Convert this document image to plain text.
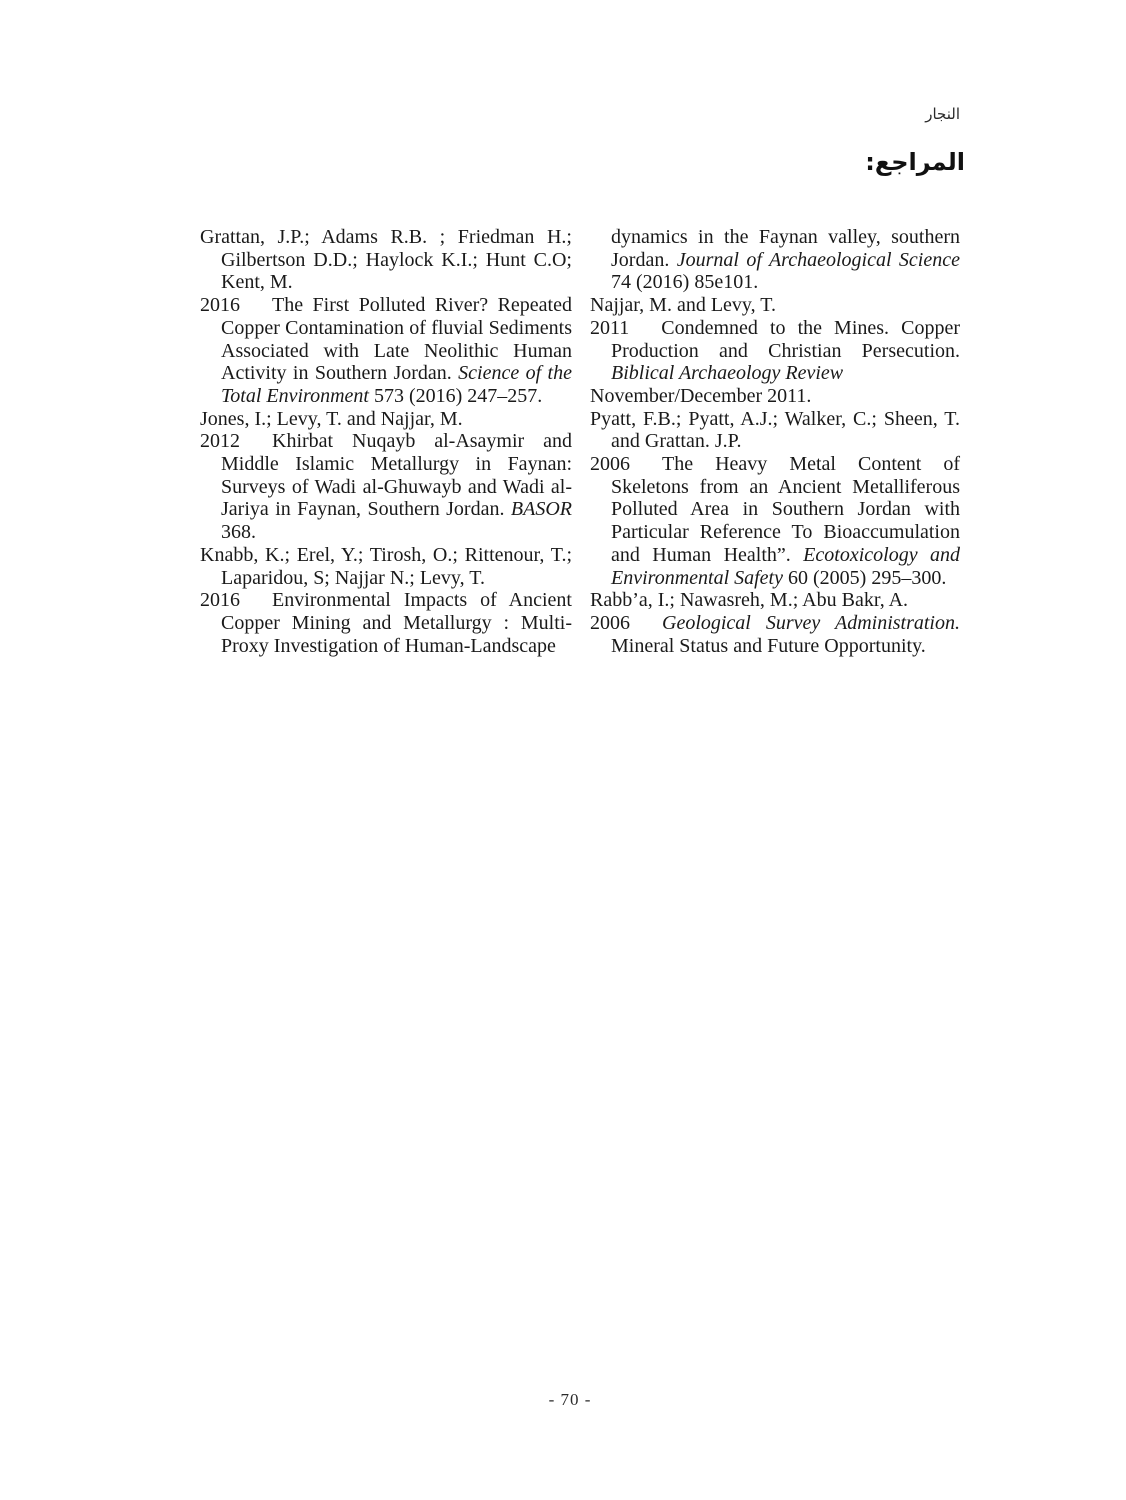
النجار
المراجع:

Grattan, J.P.; Adams R.B. ; Friedman H.; Gilbertson D.D.; Haylock K.I.; Hunt C.O; Kent, M.

2016 The First Polluted River? Repeated Copper Contamination of fluvial Sediments Associated with Late Neolithic Human Activity in Southern Jordan. Science of the Total Environment 573 (2016) 247–257.

Jones, I.; Levy, T. and Najjar, M.

2012 Khirbat Nuqayb al-Asaymir and Middle Islamic Metallurgy in Faynan: Surveys of Wadi al-Ghuwayb and Wadi al-Jariya in Faynan, Southern Jordan. BASOR 368.

Knabb, K.; Erel, Y.; Tirosh, O.; Rittenour, T.; Laparidou, S; Najjar N.; Levy, T.

2016 Environmental Impacts of Ancient Copper Mining and Metallurgy : Multi-Proxy Investigation of Human-Landscape

dynamics in the Faynan valley, southern Jordan. Journal of Archaeological Science 74 (2016) 85e101.

Najjar, M. and Levy, T.

2011 Condemned to the Mines. Copper Production and Christian Persecution. Biblical Archaeology Review

November/December 2011.

Pyatt, F.B.; Pyatt, A.J.; Walker, C.; Sheen, T. and Grattan. J.P.

2006 The Heavy Metal Content of Skeletons from an Ancient Metalliferous Polluted Area in Southern Jordan with Particular Reference To Bioaccumulation and Human Health”. Ecotoxicology and Environmental Safety 60 (2005) 295–300.

Rabb’a, I.; Nawasreh, M.; Abu Bakr, A.

2006 Geological Survey Administration. Mineral Status and Future Opportunity.

- 70 -
